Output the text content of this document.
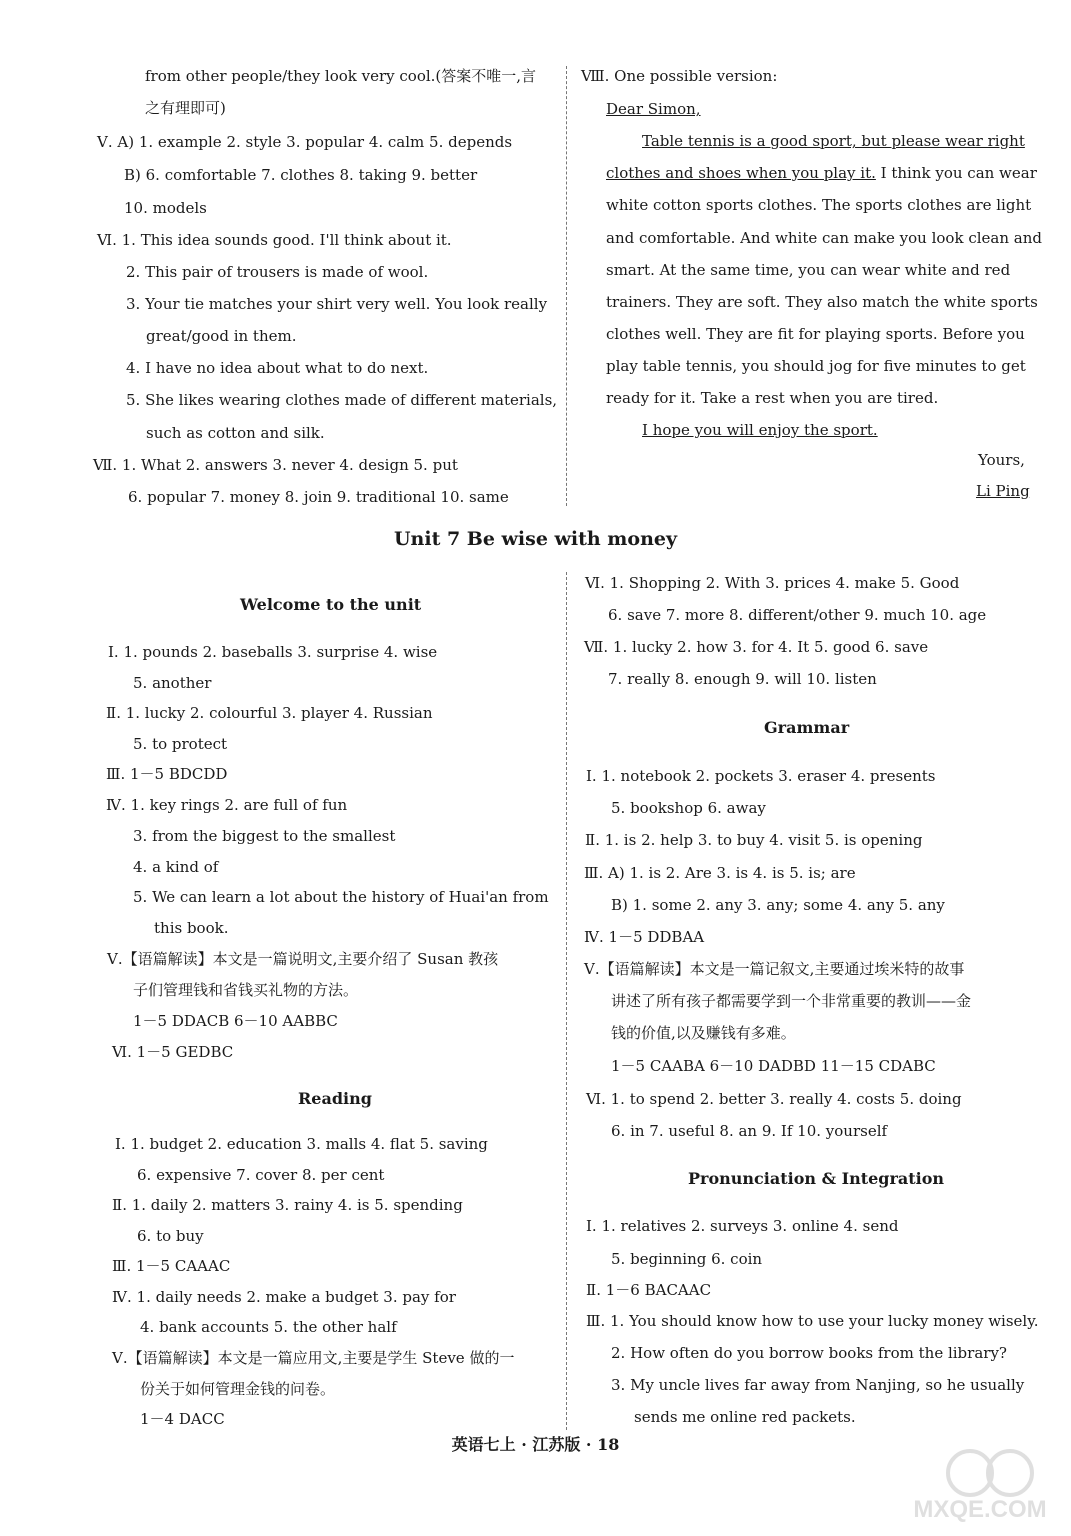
from other people/they look very cool.(答案不唯一,言
之有理即可)
Ⅴ. A) 1. example 2. style 3. popular 4. calm 5. depends
B) 6. comfortable 7. clothes 8. taking 9. better
10. models
Ⅵ. 1. This idea sounds good. I'll think about it.
2. This pair of trousers is made of wool.
3. Your tie matches your shirt very well. You look really
great/good in them.
4. I have no idea about what to do next.
5. She likes wearing clothes made of different materials,
such as cotton and silk.
Ⅶ. 1. What 2. answers 3. never 4. design 5. put
6. popular 7. money 8. join 9. traditional 10. same
Ⅷ. One possible version:
Dear Simon,
Table tennis is a good sport, but please wear right
clothes and shoes when you play it. I think you can wear
white cotton sports clothes. The sports clothes are light
and comfortable. And white can make you look clean and
smart. At the same time, you can wear white and red
trainers. They are soft. They also match the white sports
clothes well. They are fit for playing sports. Before you
play table tennis, you should jog for five minutes to get
ready for it. Take a rest when you are tired.
I hope you will enjoy the sport.
Yours,
Li Ping
Unit 7 Be wise with money
Welcome to the unit
Ⅰ. 1. pounds 2. baseballs 3. surprise 4. wise
5. another
Ⅱ. 1. lucky 2. colourful 3. player 4. Russian
5. to protect
Ⅲ. 1－5 BDCDD
Ⅳ. 1. key rings 2. are full of fun
3. from the biggest to the smallest
4. a kind of
5. We can learn a lot about the history of Huai'an from
this book.
Ⅴ.【语篇解读】本文是一篇说明文,主要介绍了 Susan 教孩
子们管理钱和省钱买礼物的方法。
1－5 DDACB 6－10 AABBC
Ⅵ. 1－5 GEDBC
Reading
Ⅰ. 1. budget 2. education 3. malls 4. flat 5. saving
6. expensive 7. cover 8. per cent
Ⅱ. 1. daily 2. matters 3. rainy 4. is 5. spending
6. to buy
Ⅲ. 1－5 CAAAC
Ⅳ. 1. daily needs 2. make a budget 3. pay for
4. bank accounts 5. the other half
Ⅴ.【语篇解读】本文是一篇应用文,主要是学生 Steve 做的一
份关于如何管理金钱的问卷。
1－4 DACC
Ⅵ. 1. Shopping 2. With 3. prices 4. make 5. Good
6. save 7. more 8. different/other 9. much 10. age
Ⅶ. 1. lucky 2. how 3. for 4. It 5. good 6. save
7. really 8. enough 9. will 10. listen
Grammar
Ⅰ. 1. notebook 2. pockets 3. eraser 4. presents
5. bookshop 6. away
Ⅱ. 1. is 2. help 3. to buy 4. visit 5. is opening
Ⅲ. A) 1. is 2. Are 3. is 4. is 5. is; are
B) 1. some 2. any 3. any; some 4. any 5. any
Ⅳ. 1－5 DDBAA
Ⅴ.【语篇解读】本文是一篇记叙文,主要通过埃米特的故事
讲述了所有孩子都需要学到一个非常重要的教训——金
钱的价值,以及赚钱有多难。
1－5 CAABA 6－10 DADBD 11－15 CDABC
Ⅵ. 1. to spend 2. better 3. really 4. costs 5. doing
6. in 7. useful 8. an 9. If 10. yourself
Pronunciation & Integration
Ⅰ. 1. relatives 2. surveys 3. online 4. send
5. beginning 6. coin
Ⅱ. 1－6 BACAAC
Ⅲ. 1. You should know how to use your lucky money wisely.
2. How often do you borrow books from the library?
3. My uncle lives far away from Nanjing, so he usually
sends me online red packets.
英语七上 · 江苏版 · 18
MXQE.COM
